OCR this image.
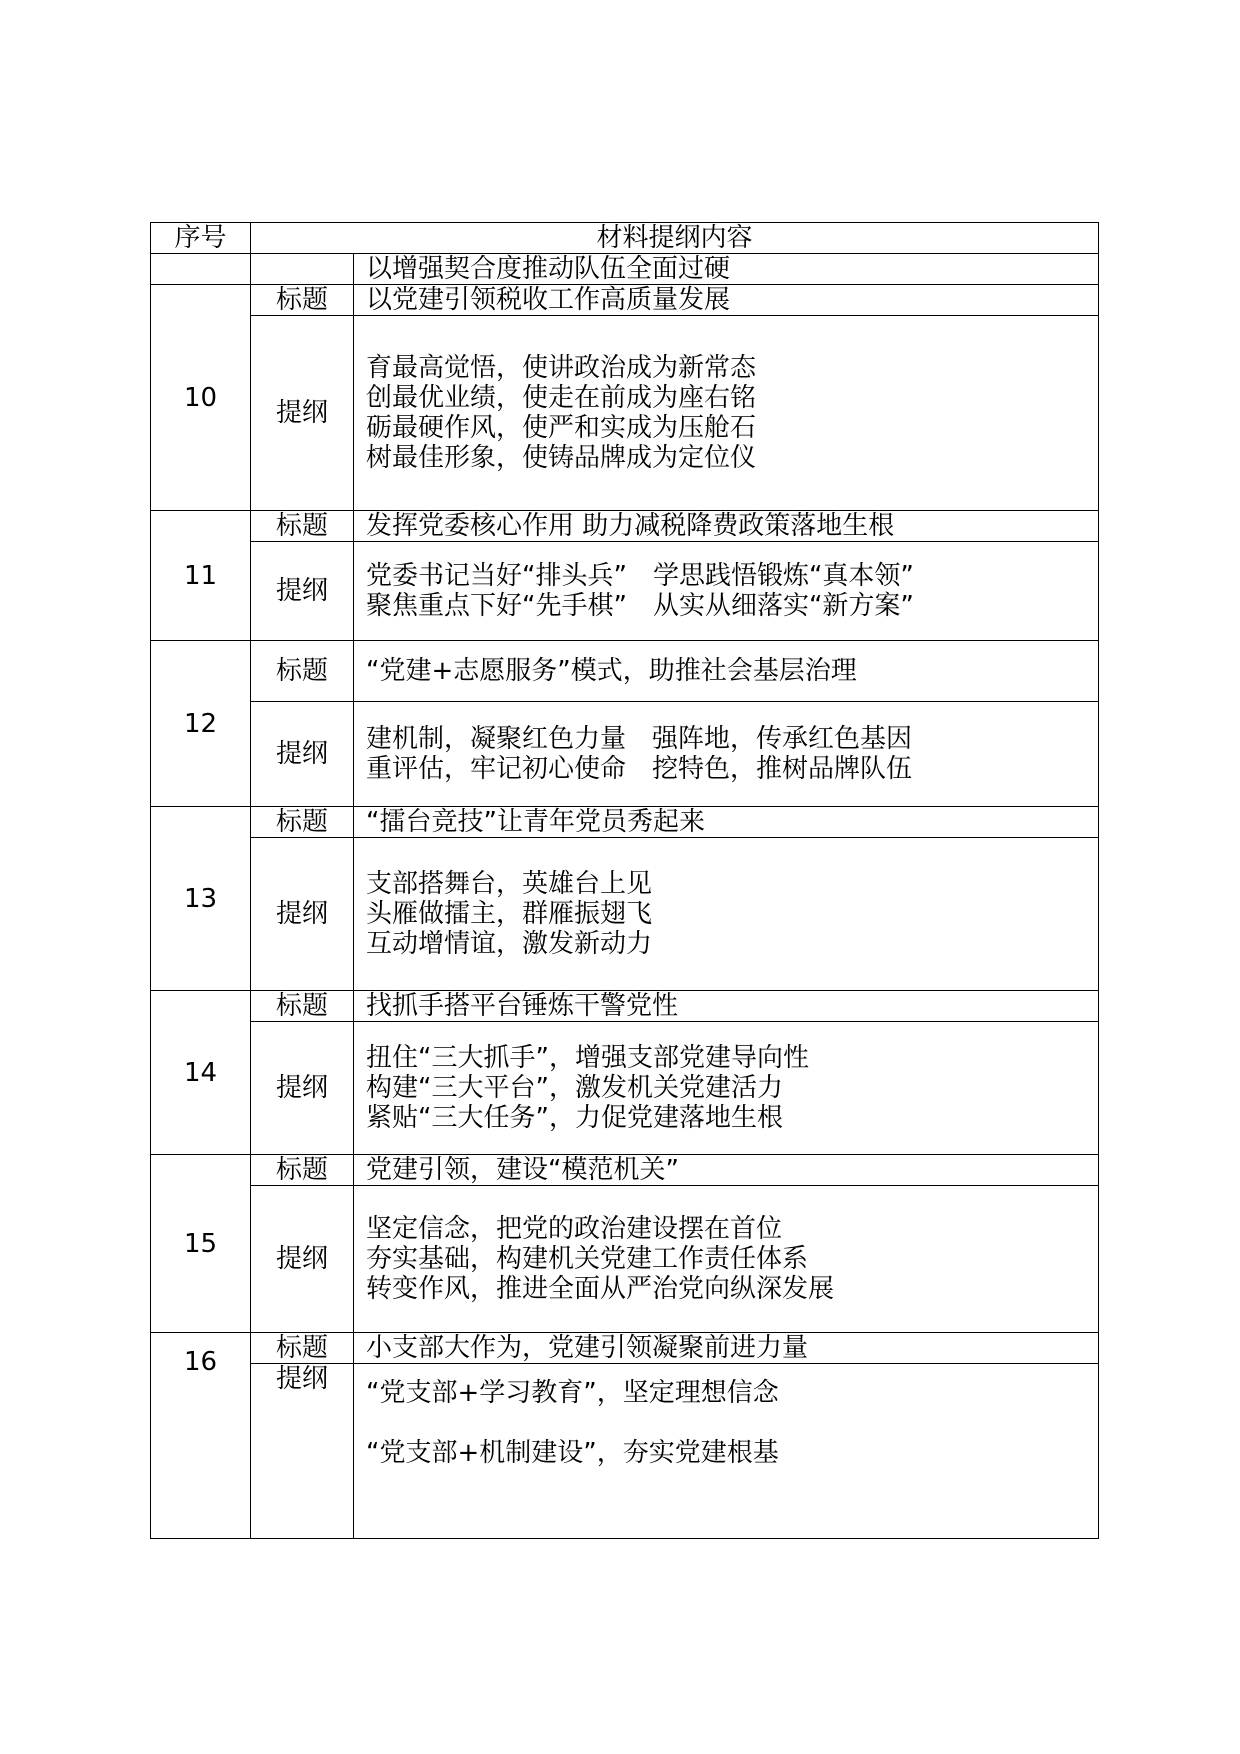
序号	材料提纲内容	
		以增强契合度推动队伍全面过硬
10	标题	以党建引领税收工作高质量发展
	提纲	育最高觉悟，使讲政治成为新常态
创最优业绩，使走在前成为座右铭
砺最硬作风，使严和实成为压舱石
树最佳形象，使铸品牌成为定位仪
11	标题	发挥党委核心作用 助力减税降费政策落地生根
	提纲	党委书记当好“排头兵”　学思践悟锻炼“真本领”
聚焦重点下好“先手棋”　从实从细落实“新方案”
12	标题	“党建+志愿服务”模式，助推社会基层治理
	提纲	建机制，凝聚红色力量　强阵地，传承红色基因
重评估，牢记初心使命　挖特色，推树品牌队伍
13	标题	“擂台竞技”让青年党员秀起来
	提纲	支部搭舞台，英雄台上见
头雁做擂主，群雁振翅飞
互动增情谊，激发新动力
14	标题	找抓手搭平台锤炼干警党性
	提纲	扭住“三大抓手”，增强支部党建导向性
构建“三大平台”，激发机关党建活力
紧贴“三大任务”，力促党建落地生根
15	标题	党建引领，建设“模范机关”
	提纲	坚定信念，把党的政治建设摆在首位
夯实基础，构建机关党建工作责任体系
转变作风，推进全面从严治党向纵深发展
16	标题	小支部大作为，党建引领凝聚前进力量
	提纲	“党支部+学习教育”，坚定理想信念
“党支部+机制建设”，夯实党建根基
